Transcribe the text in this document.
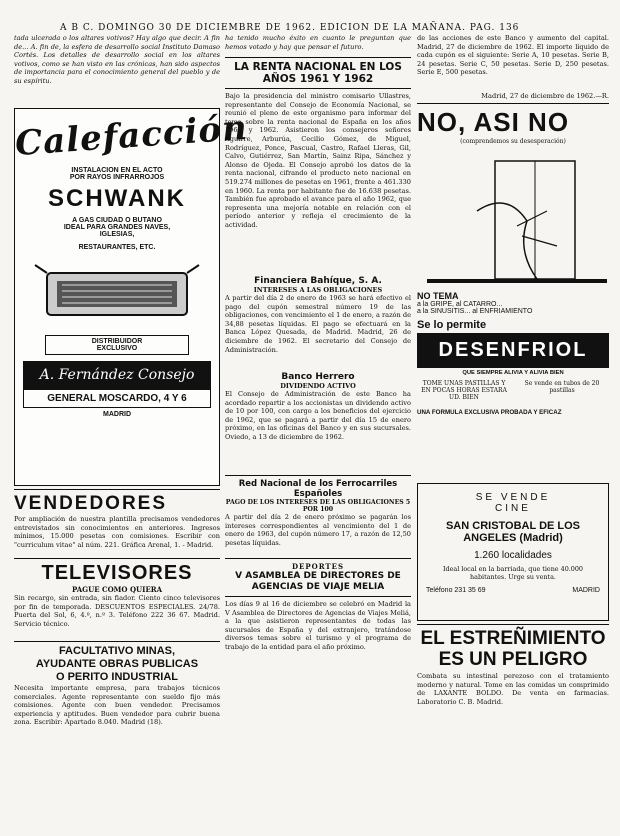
A B C. DOMINGO 30 DE DICIEMBRE DE 1962. EDICION DE LA MAÑANA. PAG. 136

tada ulcerada o los altares votivos? Hay algo que decir. A fin de... A. fin de, la esfera de desarrollo social Instituto Damaso Cortés. Los detalles de desarrollo social en los altares votivos, como se han visto en las crónicas, han sido aspectos de importancia para el conocimiento general del pueblo y de su espíritu.

Calefacción
INSTALACION EN EL ACTO
POR RAYOS INFRARROJOS
SCHWANK
A GAS CIUDAD O BUTANO
IDEAL PARA GRANDES NAVES,
IGLESIAS,
RESTAURANTES, ETC.
DISTRIBUIDOR
EXCLUSIVO
A. Fernández Consejo
GENERAL MOSCARDO, 4 Y 6
MADRID
VENDEDORES

Por ampliación de nuestra plantilla precisamos vendedores entrevistados sin conocimientos en anteriores. Ingresos mínimos, 15.000 pesetas con comisiones. Escribir con "curriculum vitae" al núm. 221. Gráfica Arenal, 1. - Madrid.

TELEVISORES
PAGUE COMO QUIERA

Sin recargo, sin entrada, sin fiador. Ciento cinco televisores por fin de temporada. DESCUENTOS ESPECIALES. 24/78. Puerta del Sol, 6, 4.º, n.º 3. Teléfono 222 36 67. Madrid. Servicio técnico.

FACULTATIVO MINAS,
AYUDANTE OBRAS PUBLICAS
O PERITO INDUSTRIAL

Necesita importante empresa, para trabajos técnicos comerciales. Agente representante con sueldo fijo más comisiones. Agente con buen vendedor. Precisamos experiencia y aptitudes. Buen vendedor para cubrir buena zona. Escribir: Apartado 8.040. Madrid (18).

ha tenido mucho éxito en cuanto le preguntan que hemos votado y hay que pensar el futuro.

LA RENTA NACIONAL EN LOS AÑOS 1961 Y 1962

Bajo la presidencia del ministro comisario Ullastres, representante del Consejo de Economía Nacional, se reunió el pleno de este organismo para informar del tema sobre la renta nacional de España en los años 1961 y 1962. Asistieron los consejeros señores Aguirre, Arburúa, Cecilio Gómez, de Miguel, Rodríguez, Ponce, Pascual, Castro, Rafael Lleras, Gil, Calvo, Gutiérrez, San Martín, Sainz Ripa, Sánchez y Alonso de Ojeda. El Consejo aprobó los datos de la renta nacional, cifrando el producto neto nacional en 519.274 millones de pesetas en 1961, frente a 461.330 en 1960. La renta por habitante fue de 16.638 pesetas. También fue aprobado el avance para el año 1962, que representa una mejoría notable en relación con el período anterior y refleja el crecimiento de la actividad.

Financiera Bahíque, S. A.
INTERESES A LAS OBLIGACIONES

A partir del día 2 de enero de 1963 se hará efectivo el pago del cupón semestral número 19 de las obligaciones, con vencimiento el 1 de enero, a razón de 34,88 pesetas líquidas. El pago se efectuará en la Banca López Quesada, de Madrid. Madrid, 26 de diciembre de 1962. El secretario del Consejo de Administración.

Banco Herrero
DIVIDENDO ACTIVO

El Consejo de Administración de este Banco ha acordado repartir a los accionistas un dividendo activo de 10 por 100, con cargo a los beneficios del ejercicio de 1962, que se pagará a partir del día 15 de enero próximo, en las oficinas del Banco y en sus sucursales. Oviedo, a 13 de diciembre de 1962.

Red Nacional de los Ferrocarriles Españoles
PAGO DE LOS INTERESES DE LAS OBLIGACIONES 5 POR 100

A partir del día 2 de enero próximo se pagarán los intereses correspondientes al vencimiento del 1 de enero de 1963, del cupón número 17, a razón de 12,50 pesetas líquidas.

DEPORTES
V ASAMBLEA DE DIRECTORES DE AGENCIAS DE VIAJE MELIA

Los días 9 al 16 de diciembre se celebró en Madrid la V Asamblea de Directores de Agencias de Viajes Meliá, a la que asistieron representantes de todas las sucursales de España y del extranjero, tratándose diversos temas sobre el turismo y el programa de trabajo de la entidad para el año próximo.

de las acciones de este Banco y aumento del capital. Madrid, 27 de diciembre de 1962. El importe líquido de cada cupón es el siguiente: Serie A, 10 pesetas. Serie B, 24 pesetas. Serie C, 50 pesetas. Serie D, 250 pesetas. Serie E, 500 pesetas.

Madrid, 27 de diciembre de 1962.—R.
NO, ASI NO
(comprendemos su desesperación)
NO TEMA
a la GRIPE, al CATARRO...
a la SINUSITIS... al ENFRIAMIENTO
Se lo permite
DESENFRIOL
QUE SIEMPRE ALIVIA Y ALIVIA BIEN
TOME UNAS PASTILLAS Y EN POCAS HORAS ESTARA UD. BIEN
Se vende en tubos de 20 pastillas
UNA FORMULA EXCLUSIVA PROBADA Y EFICAZ
SE VENDE
CINE
SAN CRISTOBAL DE LOS
ANGELES (Madrid)
1.260 localidades
Ideal local en la barriada, que tiene 40.000 habitantes. Urge su venta.
Teléfono 231 35 69	MADRID
EL ESTREÑIMIENTO ES UN PELIGRO

Combata su intestinal perezoso con el tratamiento moderno y natural. Tome en las comidas un comprimido de LAXANTE BOLDO. De venta en farmacias. Laboratorio C. B. Madrid.
